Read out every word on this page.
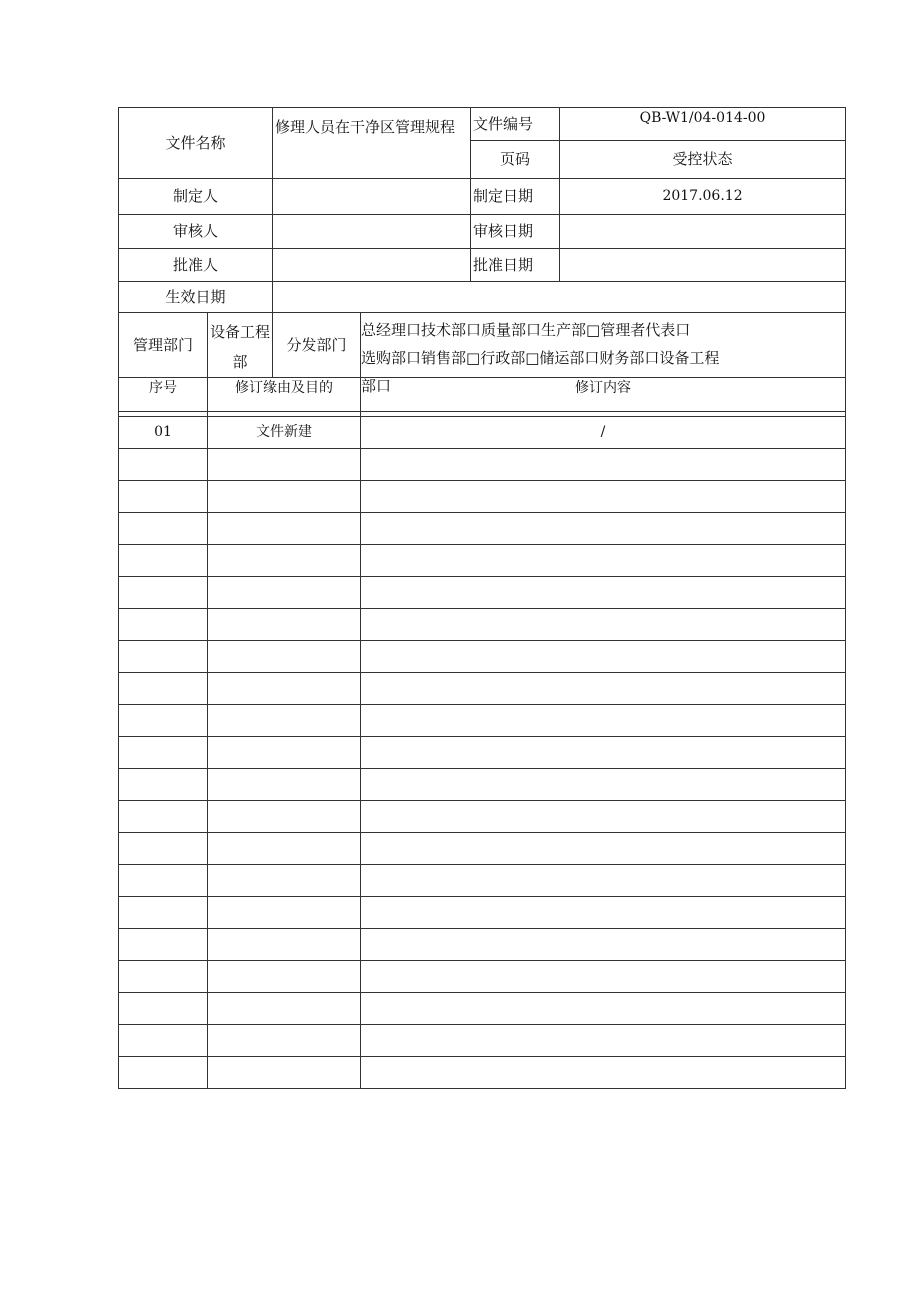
文件名称		修理人员在干净区管理规程		文件编号	QB-W1/04-014-00
				页码	受控状态
制定人				制定日期	2017.06.12
审核人				审核日期	
批准人				批准日期	
生效日期					
管理部门	设备工程部	分发部门	总经理口技术部口质量部口生产部□管理者代表口
选购部口销售部□行政部□储运部口财务部口设备工程
部口		
序号	修订缘由及目的	修订内容

01	文件新建	/
